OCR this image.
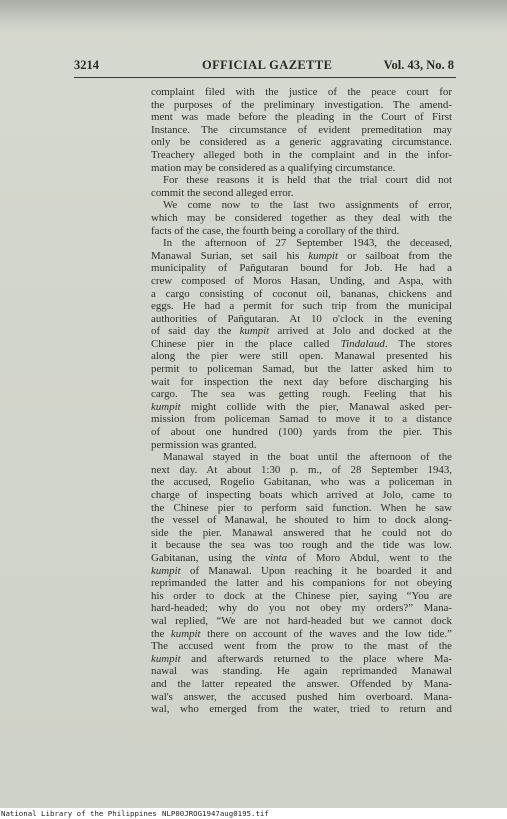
3214	OFFICIAL GAZETTE	Vol. 43, No. 8
complaint filed with the justice of the peace court for
the purposes of the preliminary investigation. The amend-
ment was made before the pleading in the Court of First
Instance. The circumstance of evident premeditation may
only be considered as a generic aggravating circumstance.
Treachery alleged both in the complaint and in the infor-
mation may be considered as a qualifying circumstance.
For these reasons it is held that the trial court did not
commit the second alleged error.
We come now to the last two assignments of error,
which may be considered together as they deal with the
facts of the case, the fourth being a corollary of the third.
In the afternoon of 27 September 1943, the deceased,
Manawal Surian, set sail his kumpit or sailboat from the
municipality of Pañgutaran bound for Job. He had a
crew composed of Moros Hasan, Unding, and Aspa, with
a cargo consisting of coconut oil, bananas, chickens and
eggs. He had a permit for such trip from the municipal
authorities of Pañgutaran. At 10 o'clock in the evening
of said day the kumpit arrived at Jolo and docked at the
Chinese pier in the place called Tindalaud. The stores
along the pier were still open. Manawal presented his
permit to policeman Samad, but the latter asked him to
wait for inspection the next day before discharging his
cargo. The sea was getting rough. Feeling that his
kumpit might collide with the pier, Manawal asked per-
mission from policeman Samad to move it to a distance
of about one hundred (100) yards from the pier. This
permission was granted.
Manawal stayed in the boat until the afternoon of the
next day. At about 1:30 p. m., of 28 September 1943,
the accused, Rogelio Gabitanan, who was a policeman in
charge of inspecting boats which arrived at Jolo, came to
the Chinese pier to perform said function. When he saw
the vessel of Manawal, he shouted to him to dock along-
side the pier. Manawal answered that he could not do
it because the sea was too rough and the tide was low.
Gabitanan, using the vinta of Moro Abdul, went to the
kumpit of Manawal. Upon reaching it he boarded it and
reprimanded the latter and his companions for not obeying
his order to dock at the Chinese pier, saying “You are
hard-headed; why do you not obey my orders?” Mana-
wal replied, “We are not hard-headed but we cannot dock
the kumpit there on account of the waves and the low tide.”
The accused went from the prow to the mast of the
kumpit and afterwards returned to the place where Ma-
nawal was standing. He again reprimanded Manawal
and the latter repeated the answer. Offended by Mana-
wal's answer, the accused pushed him overboard. Mana-
wal, who emerged from the water, tried to return and
National Library of the Philippines NLP00JROG1947aug0195.tif
